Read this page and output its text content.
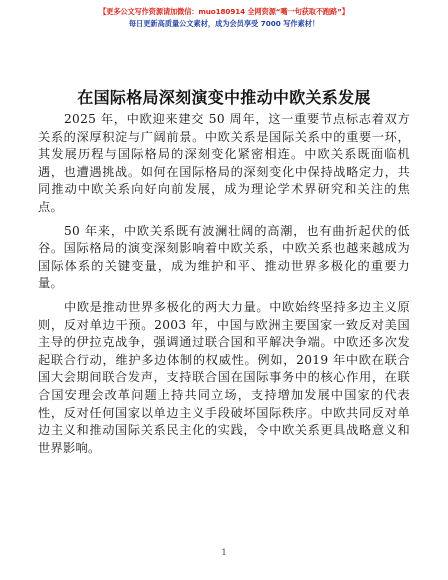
【更多公文写作资源请加微信：muo180914 全网资源“嘴一句获取不跑路”】
每日更新高质量公文素材，成为会员享受 7000 写作素材！
在国际格局深刻演变中推动中欧关系发展

2025 年，中欧迎来建交 50 周年，这一重要节点标志着双方关系的深厚积淀与广阔前景。中欧关系是国际关系中的重要一环，其发展历程与国际格局的深刻变化紧密相连。中欧关系既面临机遇，也遭遇挑战。如何在国际格局的深刻变化中保持战略定力，共同推动中欧关系向好向前发展，成为理论学术界研究和关注的焦点。

50 年来，中欧关系既有波澜壮阔的高潮，也有曲折起伏的低谷。国际格局的演变深刻影响着中欧关系，中欧关系也越来越成为国际体系的关键变量，成为维护和平、推动世界多极化的重要力量。

中欧是推动世界多极化的两大力量。中欧始终坚持多边主义原则，反对单边干预。2003 年，中国与欧洲主要国家一致反对美国主导的伊拉克战争，强调通过联合国和平解决争端。中欧还多次发起联合行动，维护多边体制的权威性。例如，2019 年中欧在联合国大会期间联合发声，支持联合国在国际事务中的核心作用，在联合国安理会改革问题上持共同立场，支持增加发展中国家的代表性，反对任何国家以单边主义手段破坏国际秩序。中欧共同反对单边主义和推动国际关系民主化的实践，令中欧关系更具战略意义和世界影响。

1
